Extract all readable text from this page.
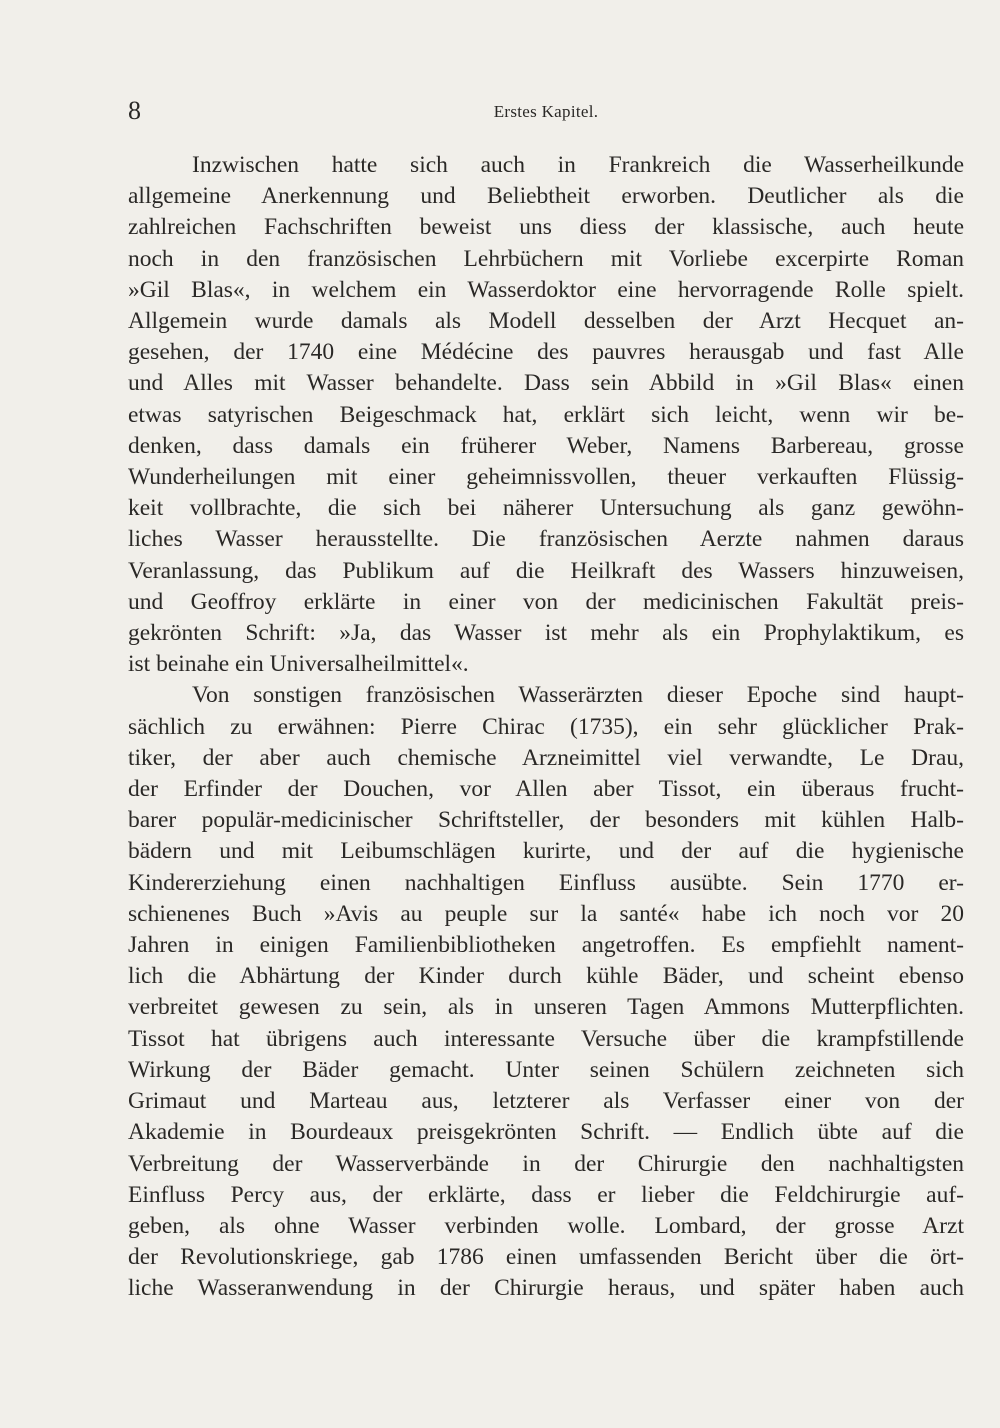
8	Erstes Kapitel.
Inzwischen hatte sich auch in Frankreich die Wasserheilkunde
allgemeine Anerkennung und Beliebtheit erworben. Deutlicher als die
zahlreichen Fachschriften beweist uns diess der klassische, auch heute
noch in den französischen Lehrbüchern mit Vorliebe excerpirte Roman
»Gil Blas«, in welchem ein Wasserdoktor eine hervorragende Rolle spielt.
Allgemein wurde damals als Modell desselben der Arzt Hecquet an-
gesehen, der 1740 eine Médécine des pauvres herausgab und fast Alle
und Alles mit Wasser behandelte. Dass sein Abbild in »Gil Blas« einen
etwas satyrischen Beigeschmack hat, erklärt sich leicht, wenn wir be-
denken, dass damals ein früherer Weber, Namens Barbereau, grosse
Wunderheilungen mit einer geheimnissvollen, theuer verkauften Flüssig-
keit vollbrachte, die sich bei näherer Untersuchung als ganz gewöhn-
liches Wasser herausstellte. Die französischen Aerzte nahmen daraus
Veranlassung, das Publikum auf die Heilkraft des Wassers hinzuweisen,
und Geoffroy erklärte in einer von der medicinischen Fakultät preis-
gekrönten Schrift: »Ja, das Wasser ist mehr als ein Prophylaktikum, es
ist beinahe ein Universalheilmittel«.
Von sonstigen französischen Wasserärzten dieser Epoche sind haupt-
sächlich zu erwähnen: Pierre Chirac (1735), ein sehr glücklicher Prak-
tiker, der aber auch chemische Arzneimittel viel verwandte, Le Drau,
der Erfinder der Douchen, vor Allen aber Tissot, ein überaus frucht-
barer populär-medicinischer Schriftsteller, der besonders mit kühlen Halb-
bädern und mit Leibumschlägen kurirte, und der auf die hygienische
Kindererziehung einen nachhaltigen Einfluss ausübte. Sein 1770 er-
schienenes Buch »Avis au peuple sur la santé« habe ich noch vor 20
Jahren in einigen Familienbibliotheken angetroffen. Es empfiehlt nament-
lich die Abhärtung der Kinder durch kühle Bäder, und scheint ebenso
verbreitet gewesen zu sein, als in unseren Tagen Ammons Mutterpflichten.
Tissot hat übrigens auch interessante Versuche über die krampfstillende
Wirkung der Bäder gemacht. Unter seinen Schülern zeichneten sich
Grimaut und Marteau aus, letzterer als Verfasser einer von der
Akademie in Bourdeaux preisgekrönten Schrift. — Endlich übte auf die
Verbreitung der Wasserverbände in der Chirurgie den nachhaltigsten
Einfluss Percy aus, der erklärte, dass er lieber die Feldchirurgie auf-
geben, als ohne Wasser verbinden wolle. Lombard, der grosse Arzt
der Revolutionskriege, gab 1786 einen umfassenden Bericht über die ört-
liche Wasseranwendung in der Chirurgie heraus, und später haben auch
